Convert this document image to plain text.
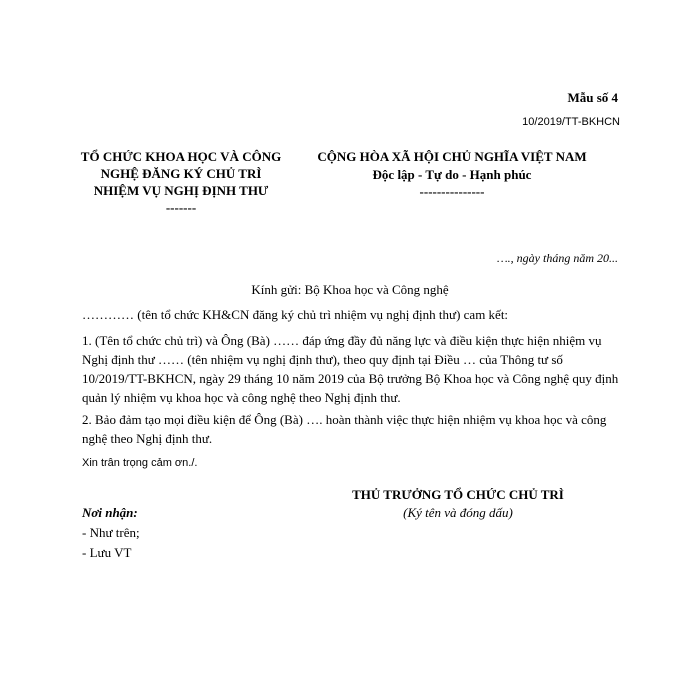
Mẫu số 4
10/2019/TT-BKHCN
TỔ CHỨC KHOA HỌC VÀ CÔNG NGHỆ ĐĂNG KÝ CHỦ TRÌ NHIỆM VỤ NGHỊ ĐỊNH THƯ
-------
CỘNG HÒA XÃ HỘI CHỦ NGHĨA VIỆT NAM
Độc lập - Tự do - Hạnh phúc
---------------
…., ngày tháng năm 20...
Kính gửi: Bộ Khoa học và Công nghệ
………… (tên tổ chức KH&CN đăng ký chủ trì nhiệm vụ nghị định thư) cam kết:
1. (Tên tổ chức chủ trì) và Ông (Bà) …… đáp ứng đầy đủ năng lực và điều kiện thực hiện nhiệm vụ Nghị định thư …… (tên nhiệm vụ nghị định thư), theo quy định tại Điều … của Thông tư số 10/2019/TT-BKHCN, ngày 29 tháng 10 năm 2019 của Bộ trưởng Bộ Khoa học và Công nghệ quy định quản lý nhiệm vụ khoa học và công nghệ theo Nghị định thư.
2. Bảo đảm tạo mọi điều kiện để Ông (Bà) …. hoàn thành việc thực hiện nhiệm vụ khoa học và công nghệ theo Nghị định thư.
Xin trân trọng cảm ơn./.
THỦ TRƯỞNG TỔ CHỨC CHỦ TRÌ
(Ký tên và đóng dấu)
Nơi nhận:
- Như trên;
- Lưu VT
